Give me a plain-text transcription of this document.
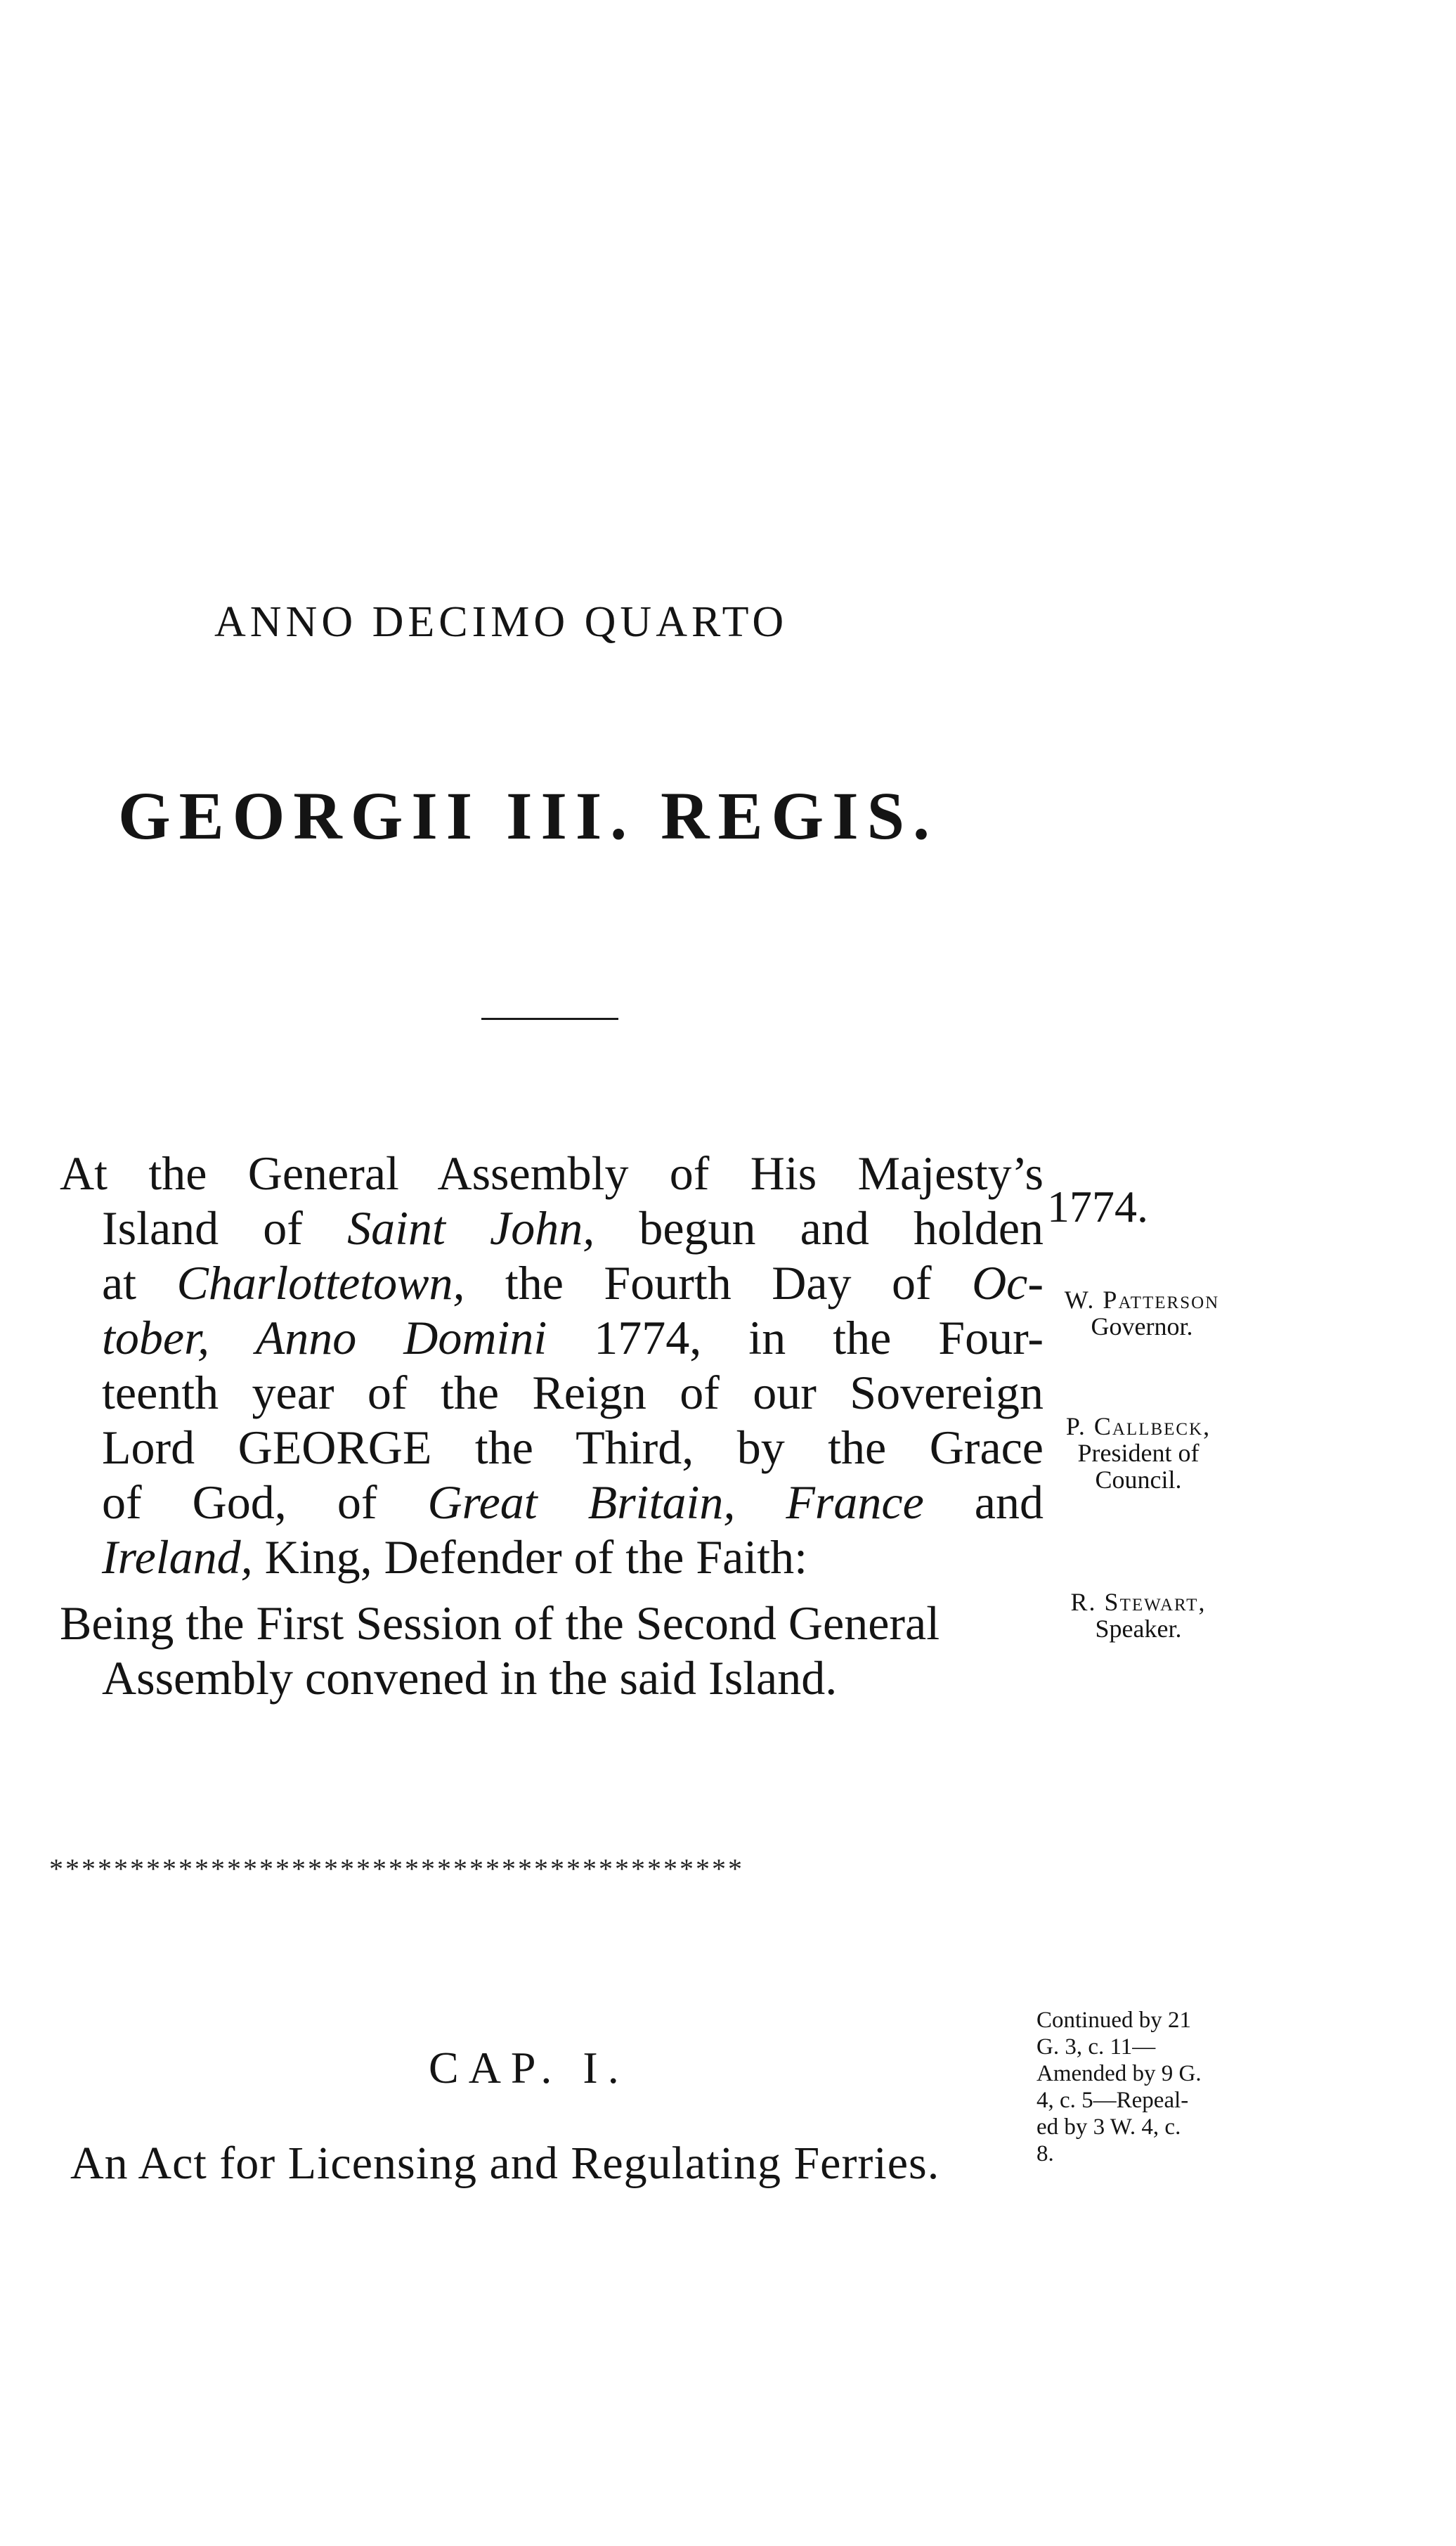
ANNO DECIMO QUARTO
GEORGII III. REGIS.
At the General Assembly of His Majesty’s
Island of Saint John, begun and holden
at Charlottetown, the Fourth Day of Oc-
tober, Anno Domini 1774, in the Four-
teenth year of the Reign of our Sovereign
Lord GEORGE the Third, by the Grace
of God, of Great Britain, France and
Ireland, King, Defender of the Faith:
Being the First Session of the Second General
Assembly convened in the said Island.
1774.
W. Patterson
Governor.
P. Callbeck,
President of
Council.
R. Stewart,
Speaker.
*******************************************
CAP. I.
An Act for Licensing and Regulating Ferries.
Continued by 21
G. 3, c. 11—
Amended by 9 G.
4, c. 5—Repeal-
ed by 3 W. 4, c.
8.
